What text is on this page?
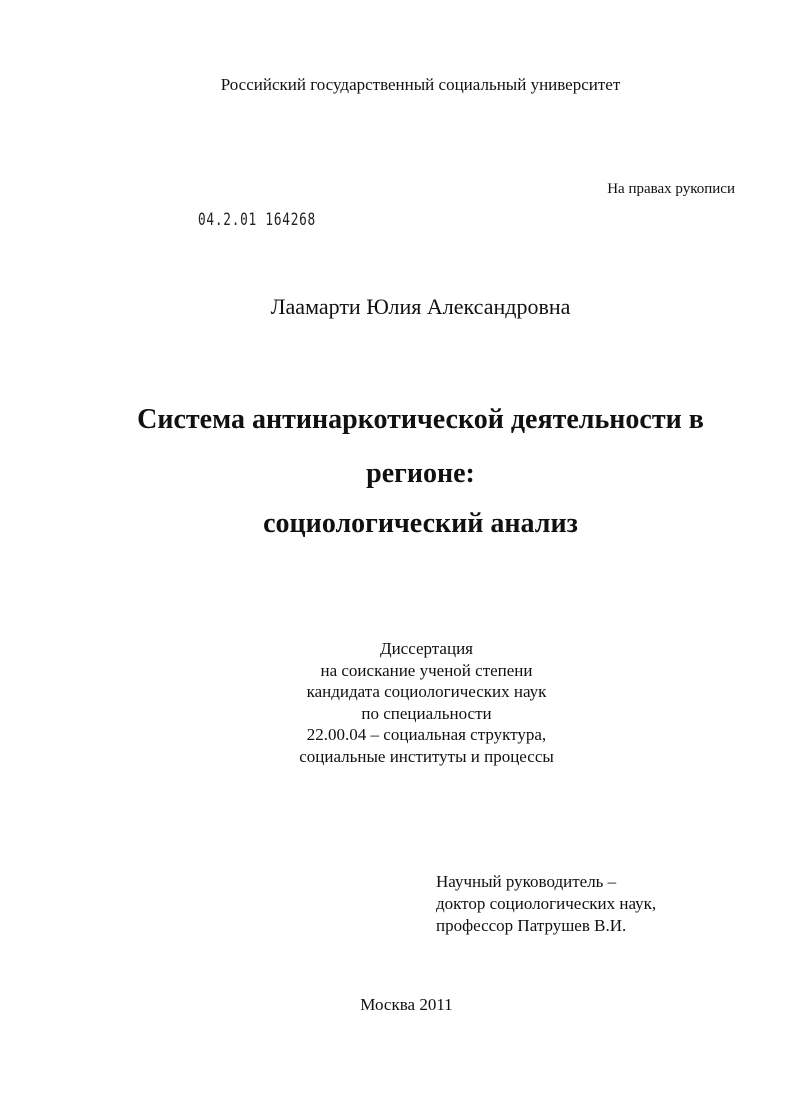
Российский государственный социальный университет
На правах рукописи
04.2.01 164268
Лаамарти Юлия Александровна
Система антинаркотической деятельности в
регионе:
социологический анализ
Диссертация
на соискание ученой степени
кандидата социологических наук
по специальности
22.00.04 – социальная структура,
социальные институты и процессы
Научный руководитель –
доктор социологических наук,
профессор Патрушев В.И.
Москва 2011
